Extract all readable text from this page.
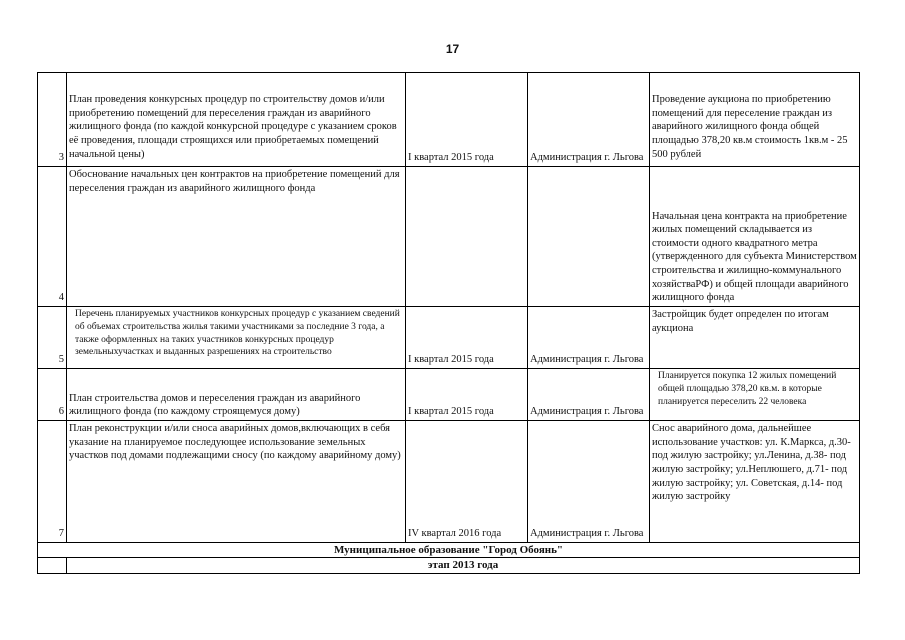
17
3	План проведения конкурсных процедур по строительству домов и/или приобретению помещений для переселения граждан из аварийного жилищного фонда (по каждой конкурсной процедуре с указанием сроков её проведения, площади строящихся или приобретаемых помещений начальной цены)	I квартал 2015 года	Администрация г. Льгова	Проведение аукциона по приобретению помещений для переселение граждан из аварийного жилищного фонда общей площадью 378,20 кв.м стоимость 1кв.м - 25 500 рублей
4	Обоснование начальных цен контрактов на приобретение помещений для переселения граждан из аварийного жилищного фонда			Начальная цена контракта на приобретение жилых помещений складывается из стоимости одного квадратного метра (утвержденного для субъекта Министерством строительства и жилищно-коммунального хозяйстваРФ) и общей площади аварийного жилищного фонда
5	Перечень планируемых участников конкурсных процедур с указанием сведений об объемах строительства жилья такими участниками за последние 3 года, а также оформленных на таких участников конкурсных процедур земельныхучастках и выданных разрешениях на строительство	I квартал 2015 года	Администрация г. Льгова	Застройщик будет определен по итогам аукциона
6	План строительства домов и переселения граждан из аварийного жилищного фонда (по каждому строящемуся дому)	I квартал 2015 года	Администрация г. Льгова	Планируется покупка 12 жилых помещений общей площадью 378,20 кв.м. в которые планируется переселить 22 человека
7	План реконструкции и/или сноса аварийных домов,включающих в себя указание на планируемое последующее использование земельных участков под домами подлежащими сносу (по каждому аварийному дому)	IV квартал 2016 года	Администрация г. Льгова	Снос аварийного дома, дальнейшее использование участков: ул. К.Маркса, д.30- под жилую застройку; ул.Ленина, д.38- под жилую застройку; ул.Неплюшего, д.71- под жилую застройку; ул. Советская, д.14- под жилую застройку
Муниципальное образование "Город Обоянь"				
	этап 2013 года			
